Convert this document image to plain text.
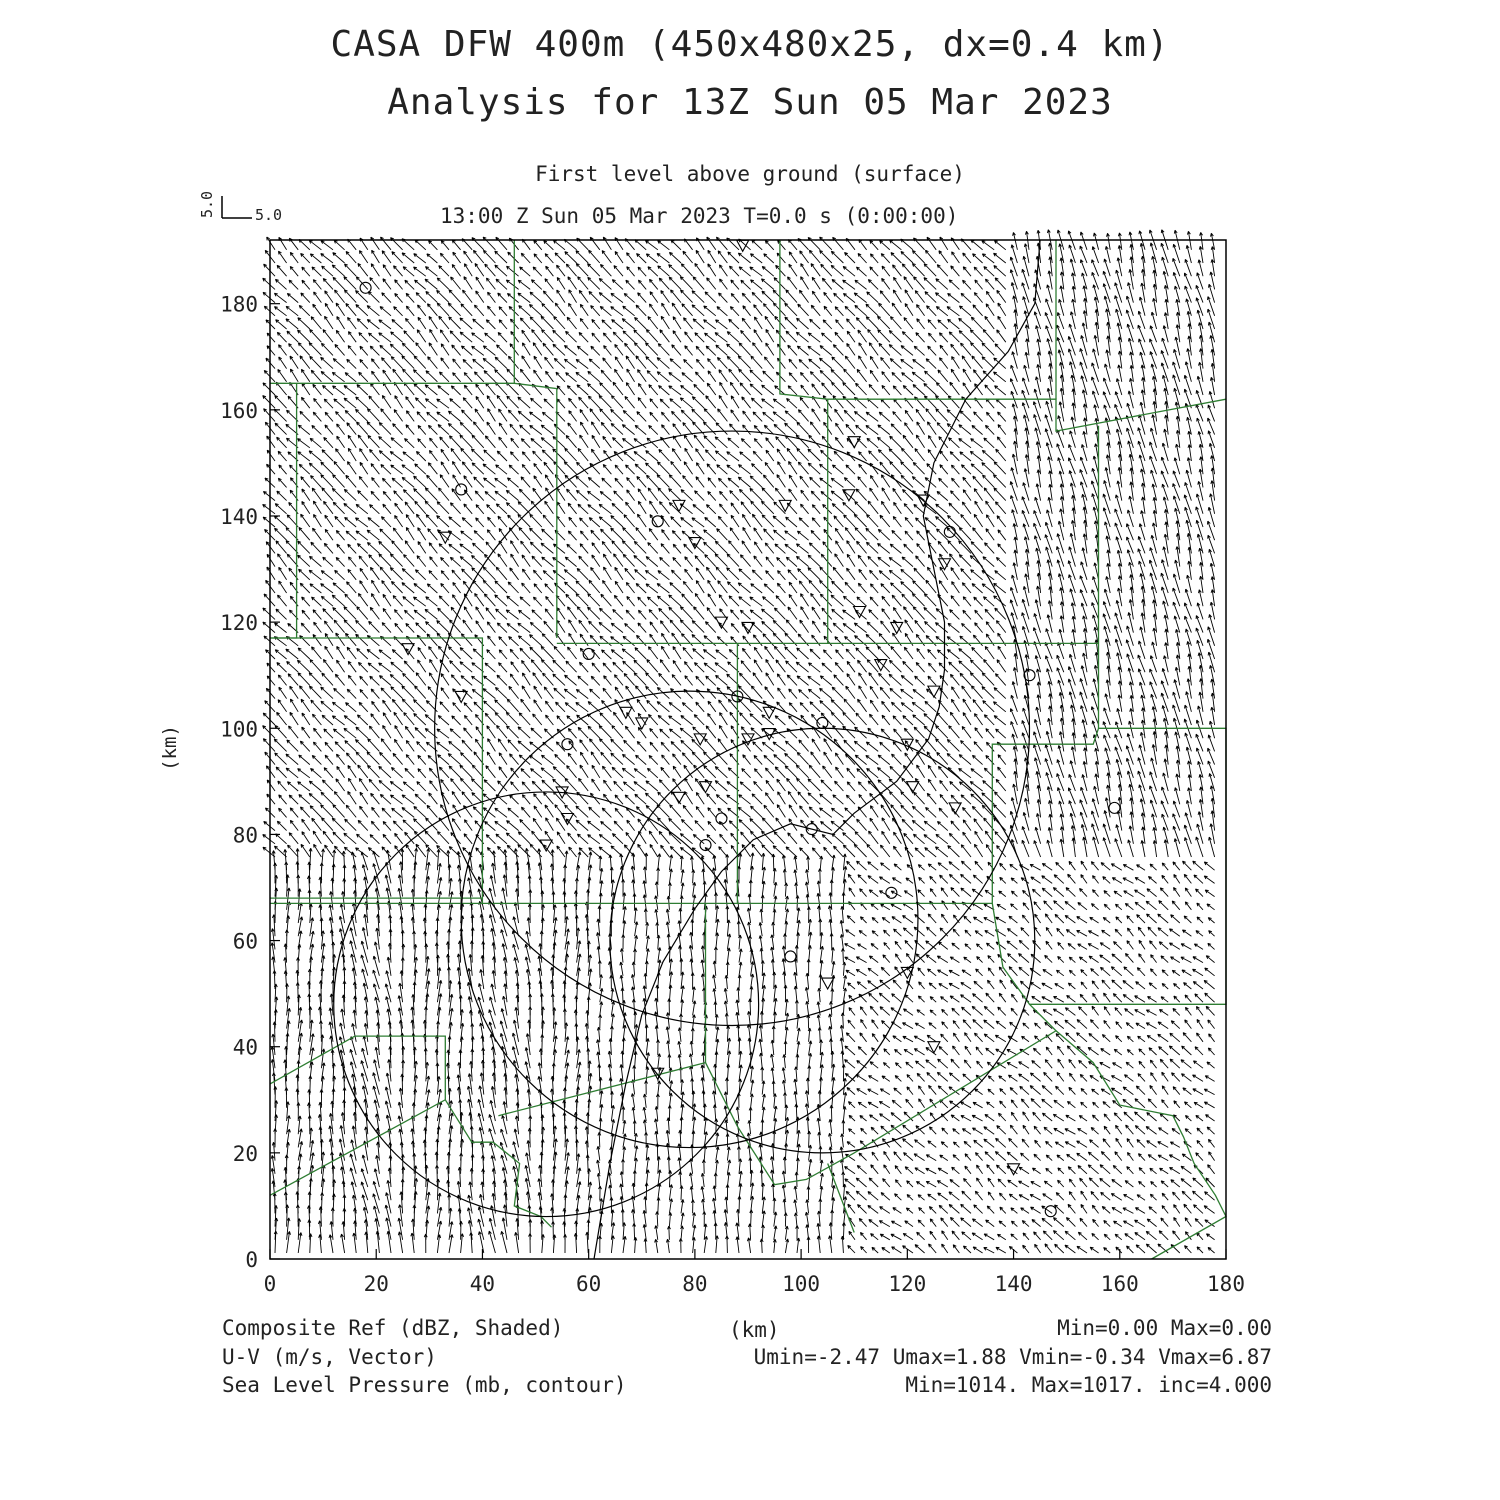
CASA DFW 400m (450x480x25, dx=0.4 km)
Analysis for 13Z Sun 05 Mar 2023
First level above ground (surface)
13:00 Z Sun 05 Mar 2023 T=0.0 s (0:00:00)
5.0
5.0
0	20	40	60	80	100	120	140	160	180
0
20
40
60
80
100
120
140
160
180
(km)
Composite Ref (dBZ, Shaded)
U-V (m/s, Vector)
Sea Level Pressure (mb, contour)
(km)	Min=0.00 Max=0.00
Umin=-2.47 Umax=1.88 Vmin=-0.34 Vmax=6.87
Min=1014. Max=1017. inc=4.000
